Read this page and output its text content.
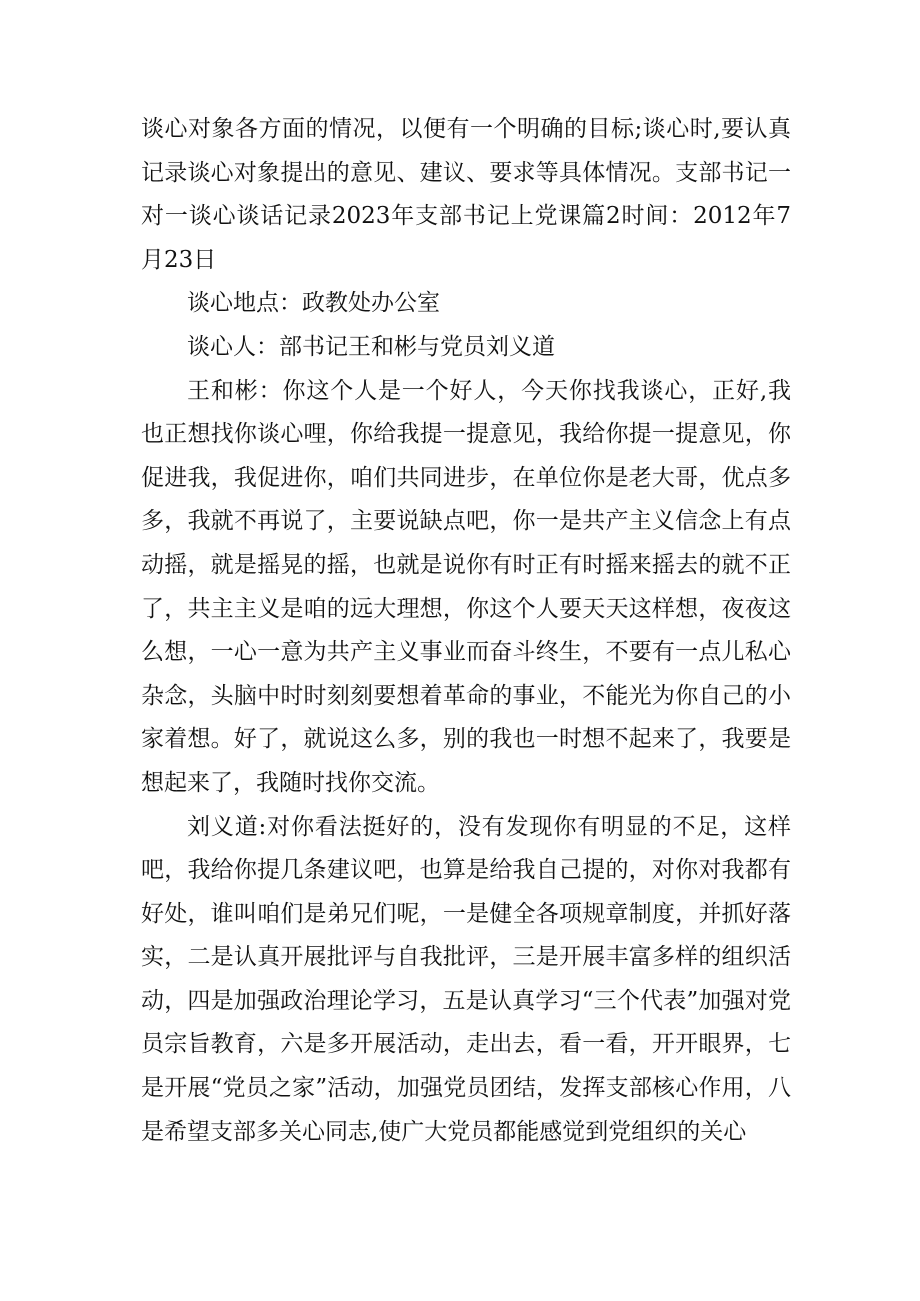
谈心对象各方面的情况，以便有一个明确的目标;谈心时,要认真记录谈心对象提出的意见、建议、要求等具体情况。支部书记一对一谈心谈话记录2023年支部书记上党课篇2时间：2012年7月23日

谈心地点：政教处办公室

谈心人：部书记王和彬与党员刘义道

王和彬：你这个人是一个好人，今天你找我谈心，正好,我也正想找你谈心哩，你给我提一提意见，我给你提一提意见，你促进我，我促进你，咱们共同进步，在单位你是老大哥，优点多多，我就不再说了，主要说缺点吧，你一是共产主义信念上有点动摇，就是摇晃的摇，也就是说你有时正有时摇来摇去的就不正了，共主主义是咱的远大理想，你这个人要天天这样想，夜夜这么想，一心一意为共产主义事业而奋斗终生，不要有一点儿私心杂念，头脑中时时刻刻要想着革命的事业，不能光为你自己的小家着想。好了，就说这么多，别的我也一时想不起来了，我要是想起来了，我随时找你交流。

刘义道:对你看法挺好的，没有发现你有明显的不足，这样吧，我给你提几条建议吧，也算是给我自己提的，对你对我都有好处，谁叫咱们是弟兄们呢，一是健全各项规章制度，并抓好落实，二是认真开展批评与自我批评，三是开展丰富多样的组织活动，四是加强政治理论学习，五是认真学习“三个代表”加强对党员宗旨教育，六是多开展活动，走出去，看一看，开开眼界，七是开展“党员之家”活动，加强党员团结，发挥支部核心作用，八是希望支部多关心同志,使广大党员都能感觉到党组织的关心
